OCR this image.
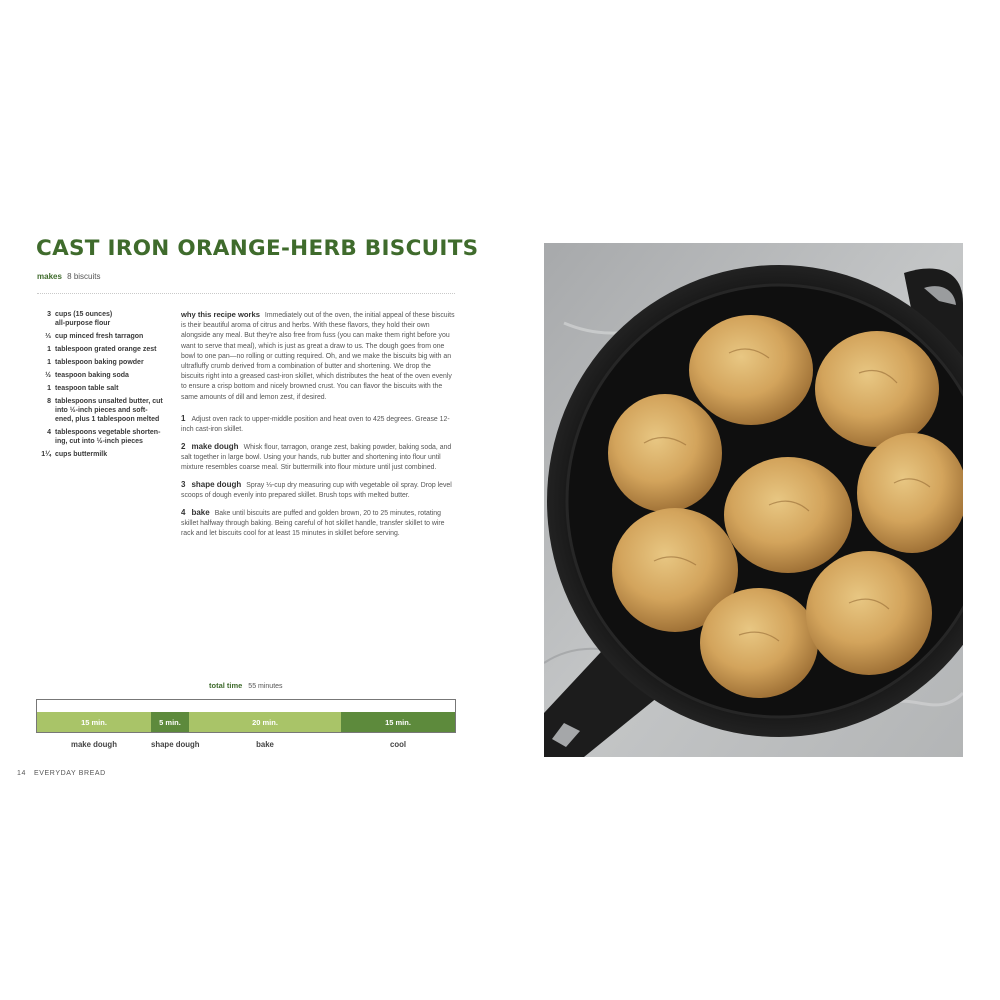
CAST IRON ORANGE-HERB BISCUITS
makes 8 biscuits
3 cups (15 ounces)
all-purpose flour
⅓ cup minced fresh tarragon
1 tablespoon grated orange zest
1 tablespoon baking powder
½ teaspoon baking soda
1 teaspoon table salt
8 tablespoons unsalted butter, cut
into ½-inch pieces and soft-
ened, plus 1 tablespoon melted
4 tablespoons vegetable shorten-
ing, cut into ½-inch pieces
1¼ cups buttermilk

why this recipe works Immediately out of the oven, the initial appeal of these biscuits is their beautiful aroma of citrus and herbs. With these flavors, they hold their own alongside any meal. But they're also free from fuss (you can make them right before you want to serve that meal), which is just as great a draw to us. The dough goes from one bowl to one pan—no rolling or cutting required. Oh, and we make the biscuits big with an ultrafluffy crumb derived from a combination of butter and shortening. We drop the biscuits right into a greased cast-iron skillet, which distributes the heat of the oven evenly to ensure a crisp bottom and nicely browned crust. You can flavor the biscuits with the same amounts of dill and lemon zest, if desired.

1 Adjust oven rack to upper-middle position and heat oven to 425 degrees. Grease 12-inch cast-iron skillet.
2 make dough Whisk flour, tarragon, orange zest, baking powder, baking soda, and salt together in large bowl. Using your hands, rub butter and shortening into flour until mixture resembles coarse meal. Stir buttermilk into flour mixture until just combined.
3 shape dough Spray ⅓-cup dry measuring cup with vegetable oil spray. Drop level scoops of dough evenly into prepared skillet. Brush tops with melted butter.
4 bake Bake until biscuits are puffed and golden brown, 20 to 25 minutes, rotating skillet halfway through baking. Being careful of hot skillet handle, transfer skillet to wire rack and let biscuits cool for at least 15 minutes in skillet before serving.
total time 55 minutes
15 min.	5 min.	20 min.	15 min.
make dough	shape dough	bake	cool
14 EVERYDAY BREAD
